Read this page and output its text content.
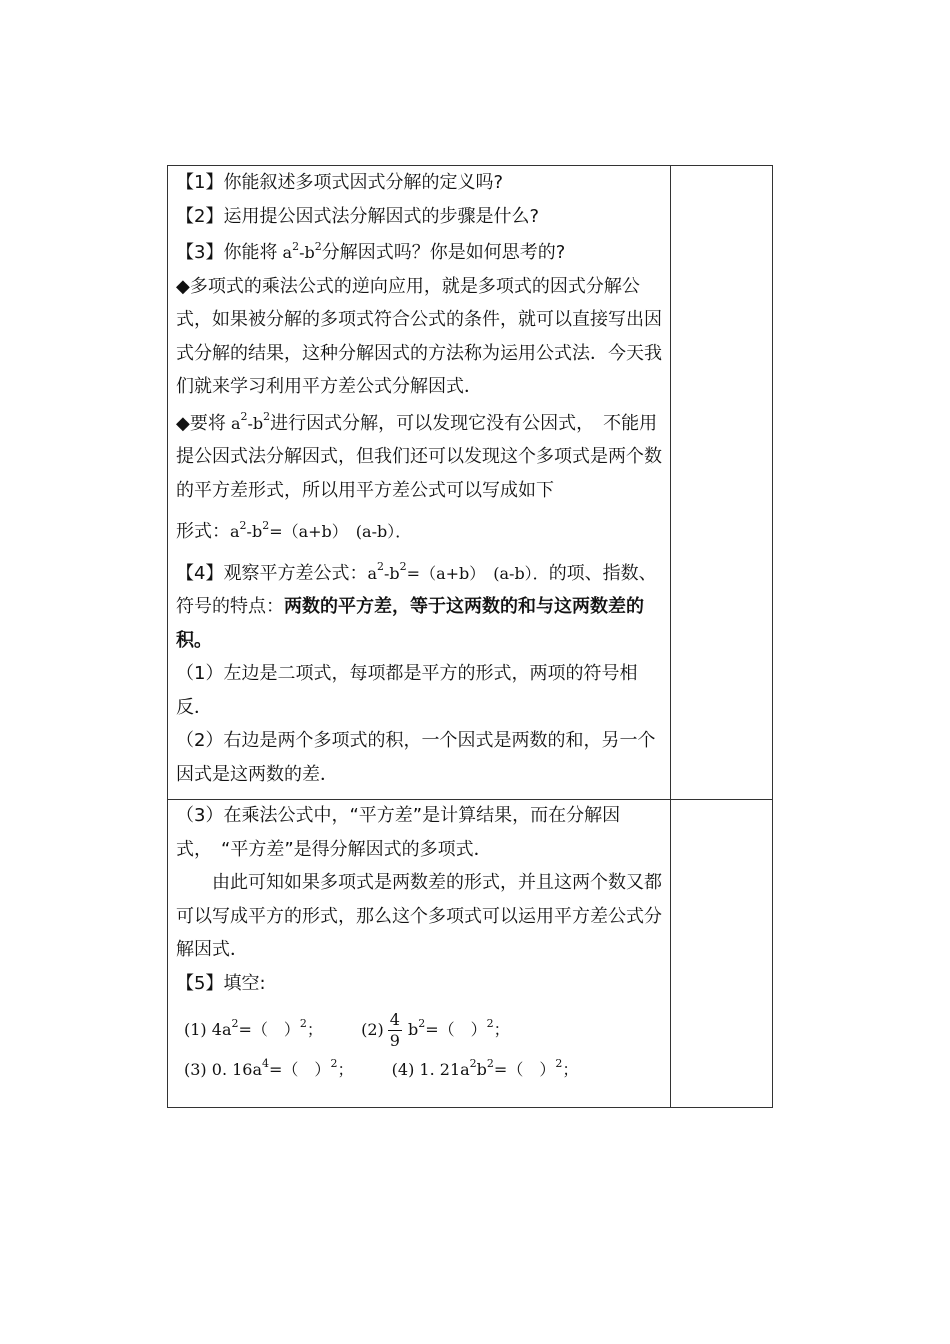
【1】你能叙述多项式因式分解的定义吗?

【2】运用提公因式法分解因式的步骤是什么?

【3】你能将 $a^2-b^2$分解因式吗？你是如何思考的?

◆多项式的乘法公式的逆向应用，就是多项式的因式分解公式，如果被分解的多项式符合公式的条件，就可以直接写出因式分解的结果，这种分解因式的方法称为运用公式法．今天我们就来学习利用平方差公式分解因式．

◆要将 $a^2-b^2$进行因式分解，可以发现它没有公因式，　不能用提公因式法分解因式，但我们还可以发现这个多项式是两个数的平方差形式，所以用平方差公式可以写成如下

形式：$a^2-b^2=(a+b)$　(a-b）．

【4】观察平方差公式：$a^2-b^2=(a+b)$　(a-b）．的项、指数、符号的特点：两数的平方差，等于这两数的和与这两数差的积。

（1）左边是二项式，每项都是平方的形式，两项的符号相反．

（2）右边是两个多项式的积，一个因式是两数的和，另一个因式是这两数的差．

（3）在乘法公式中，“平方差”是计算结果，而在分解因式，　“平方差”是得分解因式的多项式．

由此可知如果多项式是两数差的形式，并且这两个数又都可以写成平方的形式，那么这个多项式可以运用平方差公式分解因式．

【5】填空:

(1) $4a^2=$（　）$^2$； $(2) \frac{4}{9} b^2=$（　）$^2$；

(3) 0. $16a^4=$（　）$^2$； (4) 1. $21a^2b^2=$（　）$^2$；
